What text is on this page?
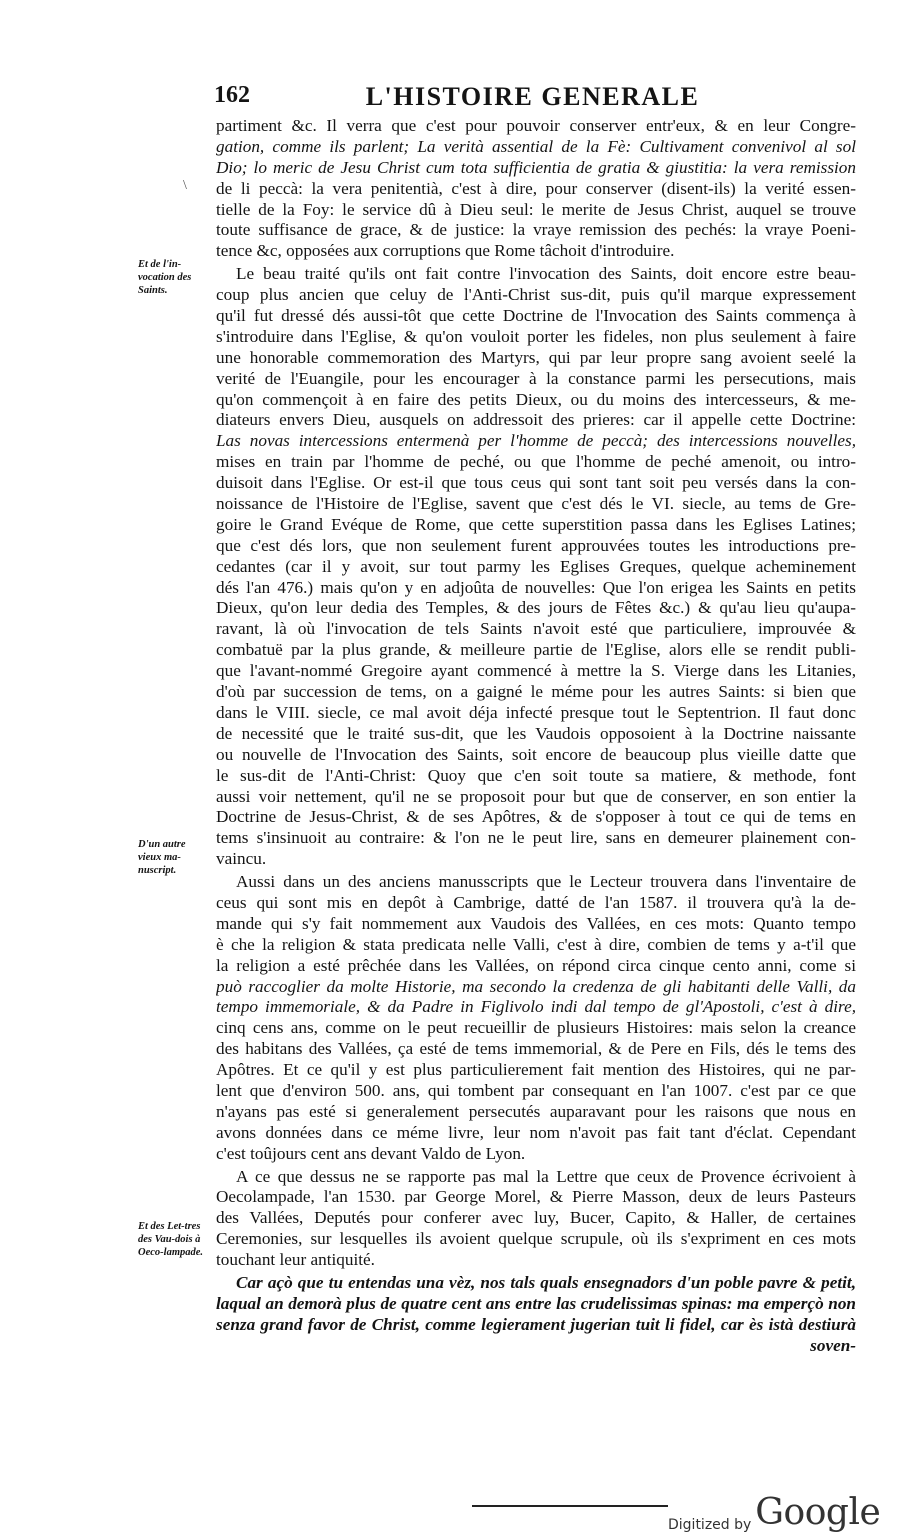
162	L'HISTOIRE GENERALE
\
Et de l'in-vocation des Saints.
D'un autre vieux ma-nuscript.
Et des Let-tres des Vau-dois à Oeco-lampade.
partiment &c. Il verra que c'est pour pouvoir conserver entr'eux, & en leur Congre-
gation, comme ils parlent; La verità assential de la Fè: Cultivament convenivol al sol
Dio; lo meric de Jesu Christ cum tota sufficientia de gratia & giustitia: la vera remission
de li peccà: la vera penitentià, c'est à dire, pour conserver (disent-ils) la verité essen-
tielle de la Foy: le service dû à Dieu seul: le merite de Jesus Christ, auquel se trouve
toute suffisance de grace, & de justice: la vraye remission des pechés: la vraye Poeni-
tence &c, opposées aux corruptions que Rome tâchoit d'introduire.
Le beau traité qu'ils ont fait contre l'invocation des Saints, doit encore estre beau-
coup plus ancien que celuy de l'Anti-Christ sus-dit, puis qu'il marque expressement
qu'il fut dressé dés aussi-tôt que cette Doctrine de l'Invocation des Saints commença à
s'introduire dans l'Eglise, & qu'on vouloit porter les fideles, non plus seulement à faire
une honorable commemoration des Martyrs, qui par leur propre sang avoient seelé la
verité de l'Euangile, pour les encourager à la constance parmi les persecutions, mais
qu'on commençoit à en faire des petits Dieux, ou du moins des intercesseurs, & me-
diateurs envers Dieu, ausquels on addressoit des prieres: car il appelle cette Doctrine:
Las novas intercessions entermenà per l'homme de peccà; des intercessions nouvelles,
mises en train par l'homme de peché, ou que l'homme de peché amenoit, ou intro-
duisoit dans l'Eglise. Or est-il que tous ceus qui sont tant soit peu versés dans la con-
noissance de l'Histoire de l'Eglise, savent que c'est dés le VI. siecle, au tems de Gre-
goire le Grand Evéque de Rome, que cette superstition passa dans les Eglises Latines;
que c'est dés lors, que non seulement furent approuvées toutes les introductions pre-
cedantes (car il y avoit, sur tout parmy les Eglises Greques, quelque acheminement
dés l'an 476.) mais qu'on y en adjoûta de nouvelles: Que l'on erigea les Saints en petits
Dieux, qu'on leur dedia des Temples, & des jours de Fêtes &c.) & qu'au lieu qu'aupa-
ravant, là où l'invocation de tels Saints n'avoit esté que particuliere, improuvée &
combatuë par la plus grande, & meilleure partie de l'Eglise, alors elle se rendit publi-
que l'avant-nommé Gregoire ayant commencé à mettre la S. Vierge dans les Litanies,
d'où par succession de tems, on a gaigné le méme pour les autres Saints: si bien que
dans le VIII. siecle, ce mal avoit déja infecté presque tout le Septentrion. Il faut donc
de necessité que le traité sus-dit, que les Vaudois opposoient à la Doctrine naissante
ou nouvelle de l'Invocation des Saints, soit encore de beaucoup plus vieille datte que
le sus-dit de l'Anti-Christ: Quoy que c'en soit toute sa matiere, & methode, font
aussi voir nettement, qu'il ne se proposoit pour but que de conserver, en son entier la
Doctrine de Jesus-Christ, & de ses Apôtres, & de s'opposer à tout ce qui de tems en
tems s'insinuoit au contraire: & l'on ne le peut lire, sans en demeurer plainement con-
vaincu.
Aussi dans un des anciens manusscripts que le Lecteur trouvera dans l'inventaire de
ceus qui sont mis en depôt à Cambrige, datté de l'an 1587. il trouvera qu'à la de-
mande qui s'y fait nommement aux Vaudois des Vallées, en ces mots: Quanto tempo
è che la religion & stata predicata nelle Valli, c'est à dire, combien de tems y a-t'il que
la religion a esté prêchée dans les Vallées, on répond circa cinque cento anni, come si
può raccoglier da molte Historie, ma secondo la credenza de gli habitanti delle Valli, da
tempo immemoriale, & da Padre in Figlivolo indi dal tempo de gl'Apostoli, c'est à dire,
cinq cens ans, comme on le peut recueillir de plusieurs Histoires: mais selon la creance
des habitans des Vallées, ça esté de tems immemorial, & de Pere en Fils, dés le tems des
Apôtres. Et ce qu'il y est plus particulierement fait mention des Histoires, qui ne par-
lent que d'environ 500. ans, qui tombent par consequant en l'an 1007. c'est par ce que
n'ayans pas esté si generalement persecutés auparavant pour les raisons que nous en
avons données dans ce méme livre, leur nom n'avoit pas fait tant d'éclat. Cependant
c'est toûjours cent ans devant Valdo de Lyon.
A ce que dessus ne se rapporte pas mal la Lettre que ceux de Provence écrivoient à
Oecolampade, l'an 1530. par George Morel, & Pierre Masson, deux de leurs Pasteurs
des Vallées, Deputés pour conferer avec luy, Bucer, Capito, & Haller, de certaines
Ceremonies, sur lesquelles ils avoient quelque scrupule, où ils s'expriment en ces mots
touchant leur antiquité.
Car açò que tu entendas una vèz, nos tals quals ensegnadors d'un poble pavre & petit,
laqual an demorà plus de quatre cent ans entre las crudelissimas spinas: ma emperçò non
senza grand favor de Christ, comme legierament jugerian tuit li fidel, car ès istà destiurà
soven-
Digitized by Google
